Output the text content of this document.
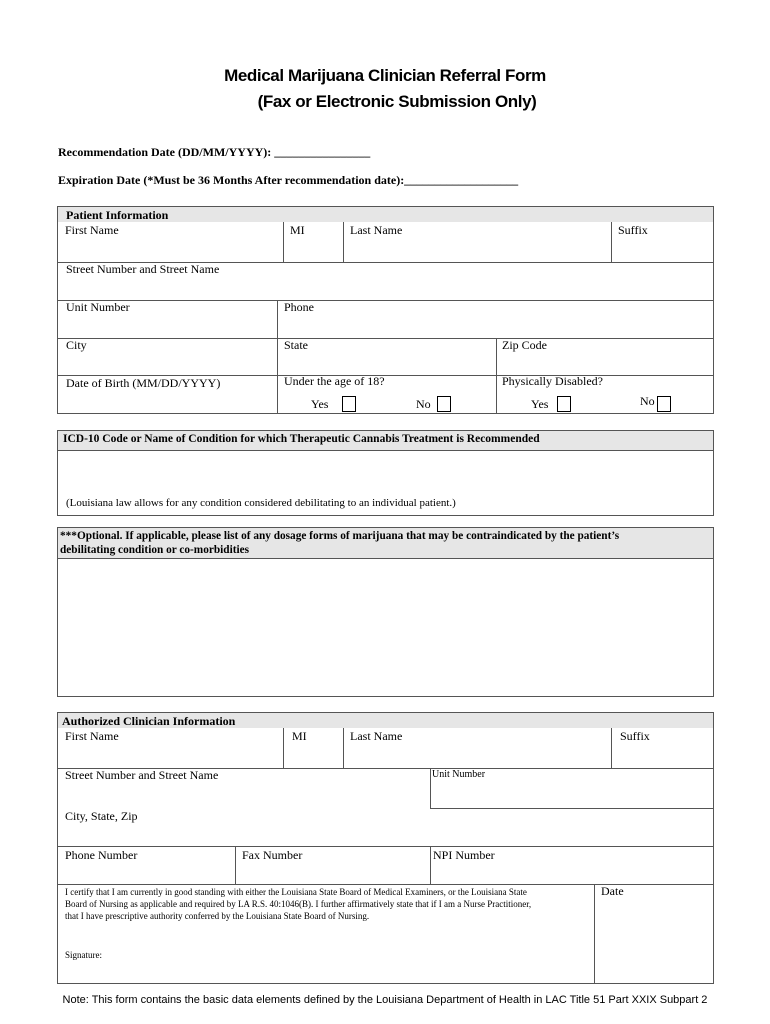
Medical Marijuana Clinician Referral Form
(Fax or Electronic Submission Only)
Recommendation Date (DD/MM/YYYY): ________________
Expiration Date (*Must be 36 Months After recommendation date):___________________
Patient Information
First Name	MI	Last Name	Suffix
Street Number and Street Name
Unit Number	Phone
City	State	Zip Code
Date of Birth (MM/DD/YYYY)	Under the age of 18?	Physically Disabled?
Yes	No	Yes	No
ICD-10 Code or Name of Condition for which Therapeutic Cannabis Treatment is Recommended
(Louisiana law allows for any condition considered debilitating to an individual patient.)
***Optional. If applicable, please list of any dosage forms of marijuana that may be contraindicated by the patient’s
debilitating condition or co-morbidities
Authorized Clinician Information
First Name	MI	Last Name	Suffix
Street Number and Street Name	Unit Number
City, State, Zip
Phone Number	Fax Number	NPI Number
I certify that I am currently in good standing with either the Louisiana State Board of Medical Examiners, or the Louisiana State
Board of Nursing as applicable and required by LA R.S. 40:1046(B). I further affirmatively state that if I am a Nurse Practitioner,
that I have prescriptive authority conferred by the Louisiana State Board of Nursing.
Signature:
Date
Note: This form contains the basic data elements defined by the Louisiana Department of Health in LAC Title 51 Part XXIX Subpart 2
